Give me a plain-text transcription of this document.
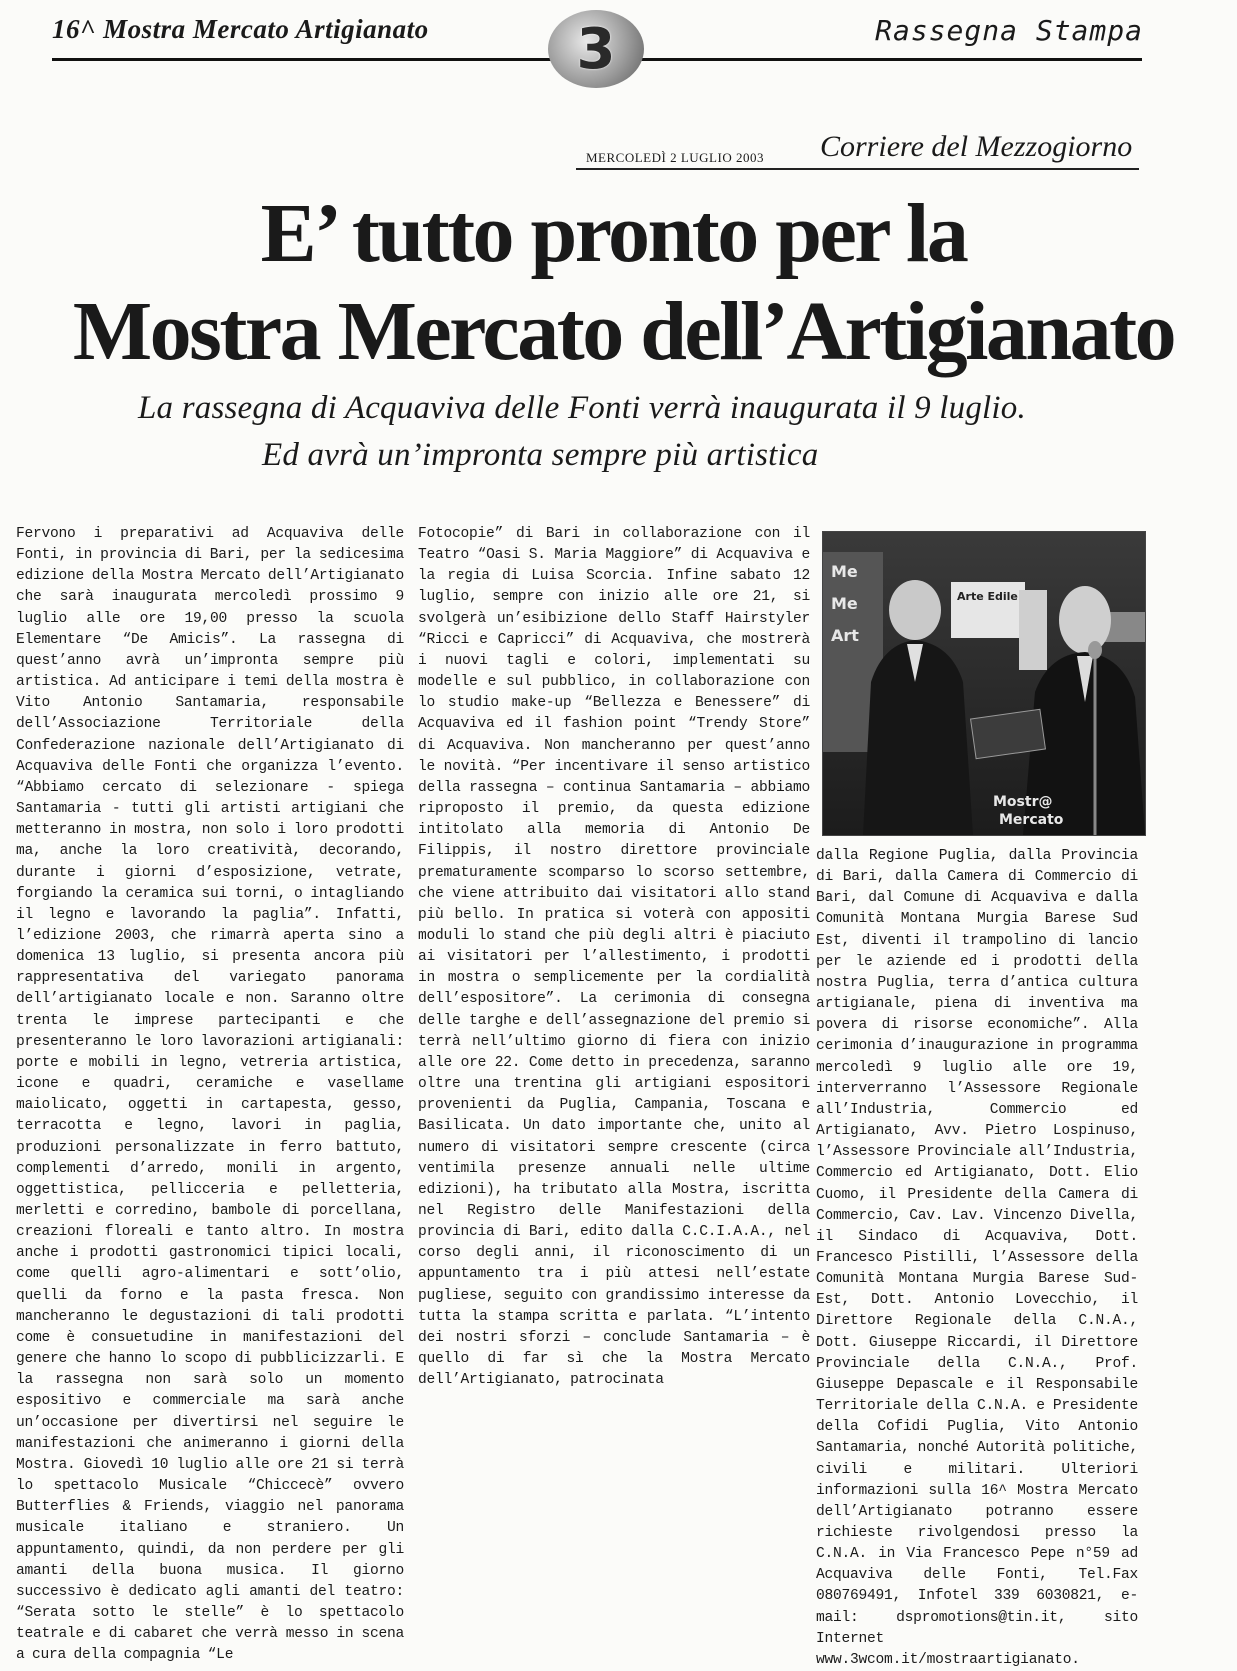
16^ Mostra Mercato Artigianato	Rassegna Stampa
3
Corriere del Mezzogiorno
MERCOLEDÌ 2 LUGLIO 2003
E’ tutto pronto per la
Mostra Mercato dell’Artigianato
La rassegna di Acquaviva delle Fonti verrà inaugurata il 9 luglio.
Ed avrà un’impronta sempre più artistica
Fervono i preparativi ad Acquaviva delle Fonti, in provincia di Bari, per la sedicesima edizione della Mostra Mercato dell’Artigianato che sarà inaugurata mercoledì prossimo 9 luglio alle ore 19,00 presso la scuola Elementare “De Amicis”. La rassegna di quest’anno avrà un’impronta sempre più artistica. Ad anticipare i temi della mostra è Vito Antonio Santamaria, responsabile dell’Associazione Territoriale della Confederazione nazionale dell’Artigianato di Acquaviva delle Fonti che organizza l’evento. “Abbiamo cercato di selezionare - spiega Santamaria - tutti gli artisti artigiani che metteranno in mostra, non solo i loro prodotti ma, anche la loro creatività, decorando, durante i giorni d’esposizione, vetrate, forgiando la ceramica sui torni, o intagliando il legno e lavorando la paglia”. Infatti, l’edizione 2003, che rimarrà aperta sino a domenica 13 luglio, si presenta ancora più rappresentativa del variegato panorama dell’artigianato locale e non. Saranno oltre trenta le imprese partecipanti e che presenteranno le loro lavorazioni artigianali: porte e mobili in legno, vetreria artistica, icone e quadri, ceramiche e vasellame maiolicato, oggetti in cartapesta, gesso, terracotta e legno, lavori in paglia, produzioni personalizzate in ferro battuto, complementi d’arredo, monili in argento, oggettistica, pellicceria e pelletteria, merletti e corredino, bambole di porcellana, creazioni floreali e tanto altro. In mostra anche i prodotti gastronomici tipici locali, come quelli agro-alimentari e sott’olio, quelli da forno e la pasta fresca. Non mancheranno le degustazioni di tali prodotti come è consuetudine in manifestazioni del genere che hanno lo scopo di pubblicizzarli. E la rassegna non sarà solo un momento espositivo e commerciale ma sarà anche un’occasione per divertirsi nel seguire le manifestazioni che animeranno i giorni della Mostra. Giovedì 10 luglio alle ore 21 si terrà lo spettacolo Musicale “Chiccecè” ovvero Butterflies & Friends, viaggio nel panorama musicale italiano e straniero. Un appuntamento, quindi, da non perdere per gli amanti della buona musica. Il giorno successivo è dedicato agli amanti del teatro: “Serata sotto le stelle” è lo spettacolo teatrale e di cabaret che verrà messo in scena a cura della compagnia “Le
Fotocopie” di Bari in collaborazione con il Teatro “Oasi S. Maria Maggiore” di Acquaviva e la regia di Luisa Scorcia. Infine sabato 12 luglio, sempre con inizio alle ore 21, si svolgerà un’esibizione dello Staff Hairstyler “Ricci e Capricci” di Acquaviva, che mostrerà i nuovi tagli e colori, implementati su modelle e sul pubblico, in collaborazione con lo studio make-up “Bellezza e Benessere” di Acquaviva ed il fashion point “Trendy Store” di Acquaviva. Non mancheranno per quest’anno le novità. “Per incentivare il senso artistico della rassegna – continua Santamaria – abbiamo riproposto il premio, da questa edizione intitolato alla memoria di Antonio De Filippis, il nostro direttore provinciale prematuramente scomparso lo scorso settembre, che viene attribuito dai visitatori allo stand più bello. In pratica si voterà con appositi moduli lo stand che più degli altri è piaciuto ai visitatori per l’allestimento, i prodotti in mostra o semplicemente per la cordialità dell’espositore”. La cerimonia di consegna delle targhe e dell’assegnazione del premio si terrà nell’ultimo giorno di fiera con inizio alle ore 22. Come detto in precedenza, saranno oltre una trentina gli artigiani espositori provenienti da Puglia, Campania, Toscana e Basilicata. Un dato importante che, unito al numero di visitatori sempre crescente (circa ventimila presenze annuali nelle ultime edizioni), ha tributato alla Mostra, iscritta nel Registro delle Manifestazioni della provincia di Bari, edito dalla C.C.I.A.A., nel corso degli anni, il riconoscimento di un appuntamento tra i più attesi nell’estate pugliese, seguito con grandissimo interesse da tutta la stampa scritta e parlata. “L’intento dei nostri sforzi – conclude Santamaria – è quello di far sì che la Mostra Mercato dell’Artigianato, patrocinata
Arte Edile
Me
Me
Art
Mostr@
Mercato
dalla Regione Puglia, dalla Provincia di Bari, dalla Camera di Commercio di Bari, dal Comune di Acquaviva e dalla Comunità Montana Murgia Barese Sud Est, diventi il trampolino di lancio per le aziende ed i prodotti della nostra Puglia, terra d’antica cultura artigianale, piena di inventiva ma povera di risorse economiche”. Alla cerimonia d’inaugurazione in programma mercoledì 9 luglio alle ore 19, interverranno l’Assessore Regionale all’Industria, Commercio ed Artigianato, Avv. Pietro Lospinuso, l’Assessore Provinciale all’Industria, Commercio ed Artigianato, Dott. Elio Cuomo, il Presidente della Camera di Commercio, Cav. Lav. Vincenzo Divella, il Sindaco di Acquaviva, Dott. Francesco Pistilli, l’Assessore della Comunità Montana Murgia Barese Sud-Est, Dott. Antonio Lovecchio, il Direttore Regionale della C.N.A., Dott. Giuseppe Riccardi, il Direttore Provinciale della C.N.A., Prof. Giuseppe Depascale e il Responsabile Territoriale della C.N.A. e Presidente della Cofidi Puglia, Vito Antonio Santamaria, nonché Autorità politiche, civili e militari. Ulteriori informazioni sulla 16^ Mostra Mercato dell’Artigianato potranno essere richieste rivolgendosi presso la C.N.A. in Via Francesco Pepe n°59 ad Acquaviva delle Fonti, Tel.Fax 080769491, Infotel 339 6030821, e-mail: dspromotions@tin.it, sito Internet www.3wcom.it/mostraartigianato.
